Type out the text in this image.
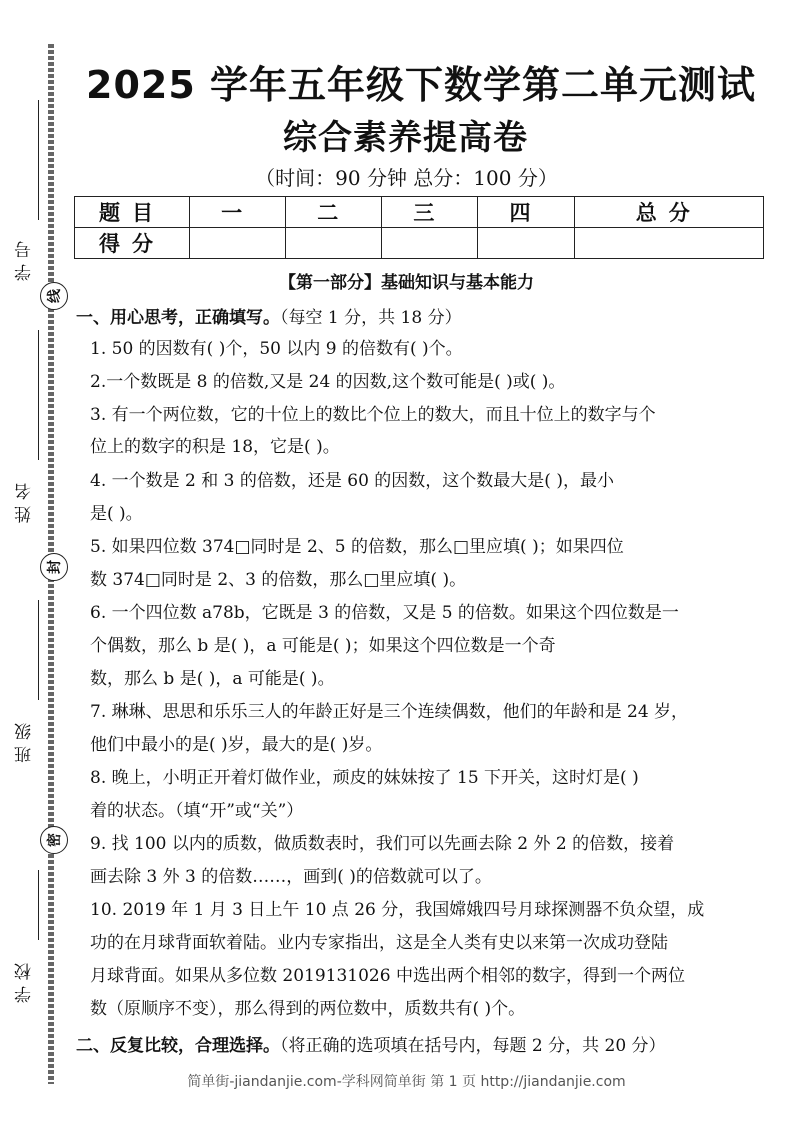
学号
线
姓名
封
班级
密
学校
2025 学年五年级下数学第二单元测试
综合素养提高卷
（时间：90 分钟 总分：100 分）
题目	一	二	三	四	总分
得分					
【第一部分】基础知识与基本能力
一、用心思考，正确填写。（每空 1 分，共 18 分）
1. 50 的因数有( )个，50 以内 9 的倍数有( )个。
2.一个数既是 8 的倍数,又是 24 的因数,这个数可能是( )或( )。
3. 有一个两位数，它的十位上的数比个位上的数大，而且十位上的数字与个
位上的数字的积是 18，它是( )。
4. 一个数是 2 和 3 的倍数，还是 60 的因数，这个数最大是( )，最小
是( )。
5. 如果四位数 374□同时是 2、5 的倍数，那么□里应填( )；如果四位
数 374□同时是 2、3 的倍数，那么□里应填( )。
6. 一个四位数 a78b，它既是 3 的倍数，又是 5 的倍数。如果这个四位数是一
个偶数，那么 b 是( )，a 可能是( )；如果这个四位数是一个奇
数，那么 b 是( )，a 可能是( )。
7. 琳琳、思思和乐乐三人的年龄正好是三个连续偶数，他们的年龄和是 24 岁，
他们中最小的是( )岁，最大的是( )岁。
8. 晚上，小明正开着灯做作业，顽皮的妹妹按了 15 下开关，这时灯是( )
着的状态。（填“开”或“关”）
9. 找 100 以内的质数，做质数表时，我们可以先画去除 2 外 2 的倍数，接着
画去除 3 外 3 的倍数……，画到( )的倍数就可以了。
10. 2019 年 1 月 3 日上午 10 点 26 分，我国嫦娥四号月球探测器不负众望，成
功的在月球背面软着陆。业内专家指出，这是全人类有史以来第一次成功登陆
月球背面。如果从多位数 2019131026 中选出两个相邻的数字，得到一个两位
数（原顺序不变），那么得到的两位数中，质数共有( )个。
二、反复比较，合理选择。（将正确的选项填在括号内，每题 2 分，共 20 分）
简单街-jiandanjie.com-学科网简单街 第 1 页 http://jiandanjie.com
